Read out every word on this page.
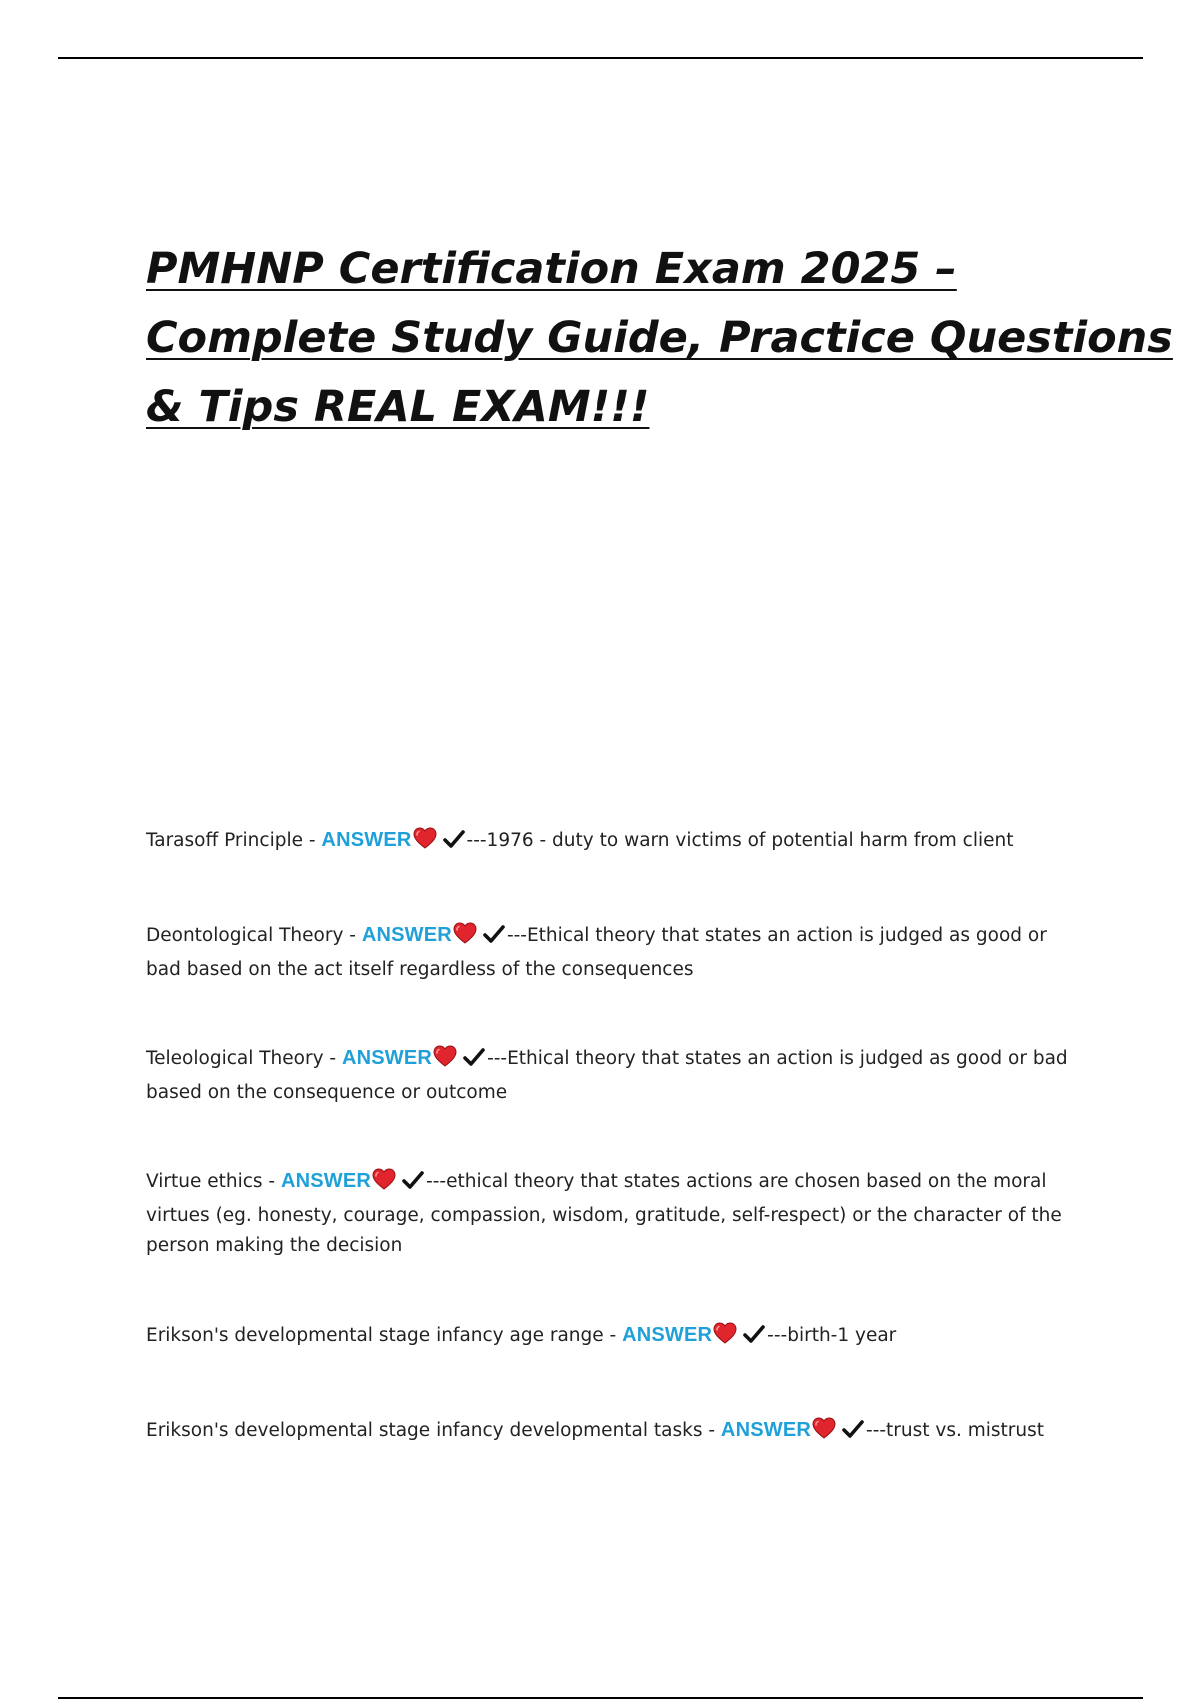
PMHNP Certification Exam 2025 –
Complete Study Guide, Practice Questions
& Tips REAL EXAM!!!
Tarasoff Principle - ANSWER	---1976 - duty to warn victims of potential harm from client
Deontological Theory - ANSWER	---Ethical theory that states an action is judged as good or bad based on the act itself regardless of the consequences
Teleological Theory - ANSWER	---Ethical theory that states an action is judged as good or bad based on the consequence or outcome
Virtue ethics - ANSWER	---ethical theory that states actions are chosen based on the moral virtues (eg. honesty, courage, compassion, wisdom, gratitude, self-respect) or the character of the person making the decision
Erikson's developmental stage infancy age range - ANSWER	---birth-1 year
Erikson's developmental stage infancy developmental tasks - ANSWER	---trust vs. mistrust
